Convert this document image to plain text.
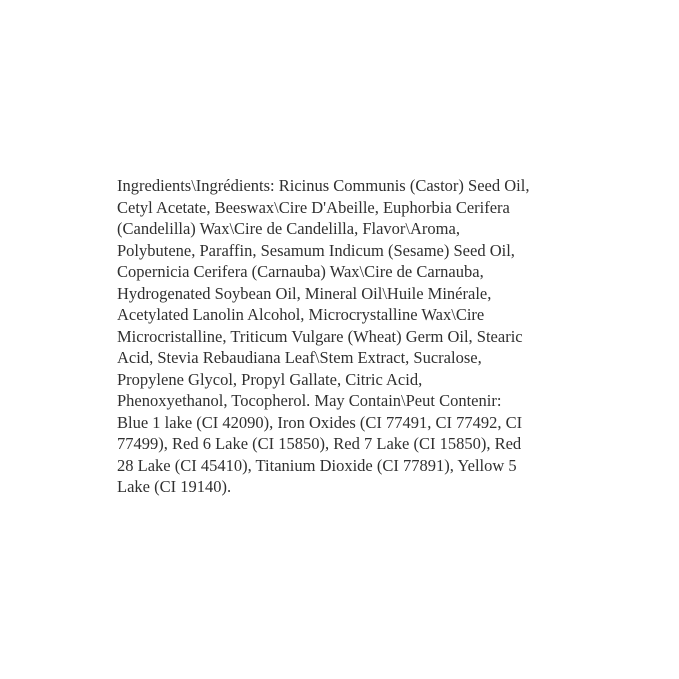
Ingredients\Ingrédients: Ricinus Communis (Castor) Seed Oil,
Cetyl Acetate, Beeswax\Cire D'Abeille, Euphorbia Cerifera
(Candelilla) Wax\Cire de Candelilla, Flavor\Aroma,
Polybutene, Paraffin, Sesamum Indicum (Sesame) Seed Oil,
Copernicia Cerifera (Carnauba) Wax\Cire de Carnauba,
Hydrogenated Soybean Oil, Mineral Oil\Huile Minérale,
Acetylated Lanolin Alcohol, Microcrystalline Wax\Cire
Microcristalline, Triticum Vulgare (Wheat) Germ Oil, Stearic
Acid, Stevia Rebaudiana Leaf\Stem Extract, Sucralose,
Propylene Glycol, Propyl Gallate, Citric Acid,
Phenoxyethanol, Tocopherol. May Contain\Peut Contenir:
Blue 1 lake (CI 42090), Iron Oxides (CI 77491, CI 77492, CI
77499), Red 6 Lake (CI 15850), Red 7 Lake (CI 15850), Red
28 Lake (CI 45410), Titanium Dioxide (CI 77891), Yellow 5
Lake (CI 19140).
